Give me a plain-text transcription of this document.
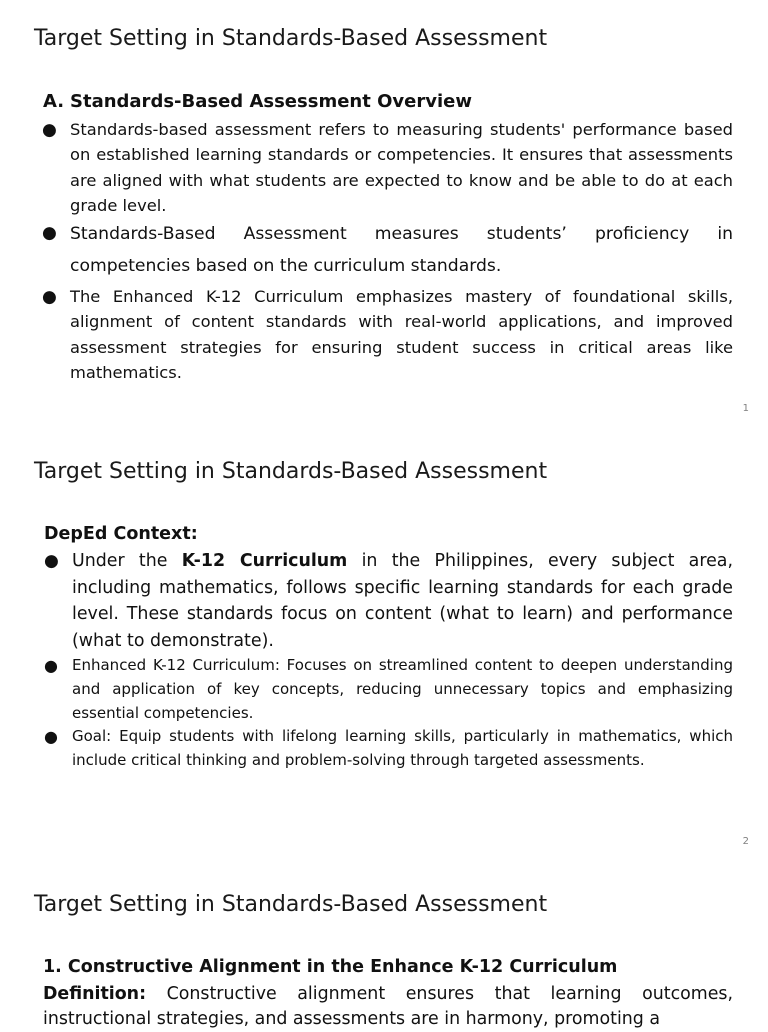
Target Setting in Standards-Based Assessment
A. Standards-Based Assessment Overview
● Standards-based assessment refers to measuring students' performance based on established learning standards or competencies. It ensures that assessments are aligned with what students are expected to know and be able to do at each grade level.
● Standards-Based Assessment measures students’ proficiency in competencies based on the curriculum standards.
● The Enhanced K-12 Curriculum emphasizes mastery of foundational skills, alignment of content standards with real-world applications, and improved assessment strategies for ensuring student success in critical areas like mathematics.
1
Target Setting in Standards-Based Assessment
DepEd Context:
● Under the K-12 Curriculum in the Philippines, every subject area, including mathematics, follows specific learning standards for each grade level. These standards focus on content (what to learn) and performance (what to demonstrate).
● Enhanced K-12 Curriculum: Focuses on streamlined content to deepen understanding and application of key concepts, reducing unnecessary topics and emphasizing essential competencies.
● Goal: Equip students with lifelong learning skills, particularly in mathematics, which include critical thinking and problem-solving through targeted assessments.
2
Target Setting in Standards-Based Assessment
1. Constructive Alignment in the Enhance K-12 Curriculum

Definition: Constructive alignment ensures that learning outcomes, instructional strategies, and assessments are in harmony, promoting a
